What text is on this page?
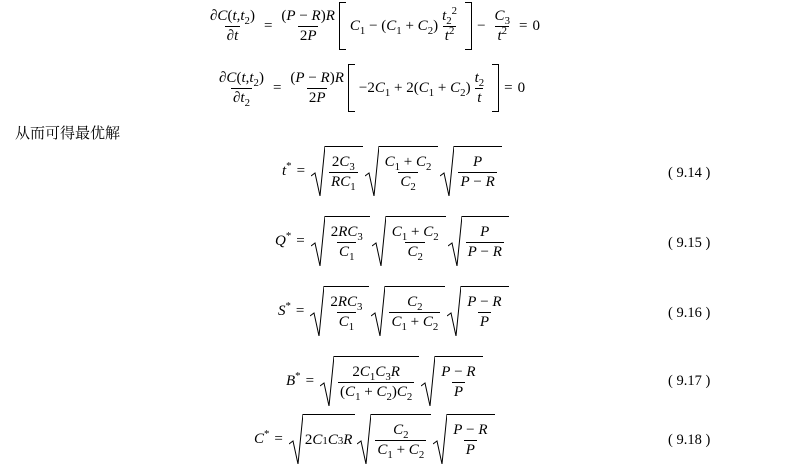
$\frac{\partial C(t,t_2)}{\partial t} = \frac{(P - R)R}{2P} C_1 - (C_1 + C_2) \frac{t_2^2}{t^2} - \frac{C_3}{t^2} = 0$
$\frac{\partial C(t,t_2)}{\partial t_2} = \frac{(P - R)R}{2P} -2C_1 + 2(C_1 + C_2) \frac{t_2}{t} = 0$
从而可得最优解
$t^* = \frac{2C_3}{RC_1} \frac{C_1 + C_2}{C_2} \frac{P}{P - R}$	( 9.14 )
$Q^* = \frac{2RC_3}{C_1} \frac{C_1 + C_2}{C_2} \frac{P}{P - R}$	( 9.15 )
$S^* = \frac{2RC_3}{C_1} \frac{C_2}{C_1 + C_2} \frac{P - R}{P}$	( 9.16 )
$B^* = \frac{2C_1C_3R}{(C_1 + C_2)C_2} \frac{P - R}{P}$	( 9.17 )
C* = 2 C 1 C 3 R $\frac{C_2}{C_1 + C_2} \frac{P - R}{P}$	( 9.18 )
